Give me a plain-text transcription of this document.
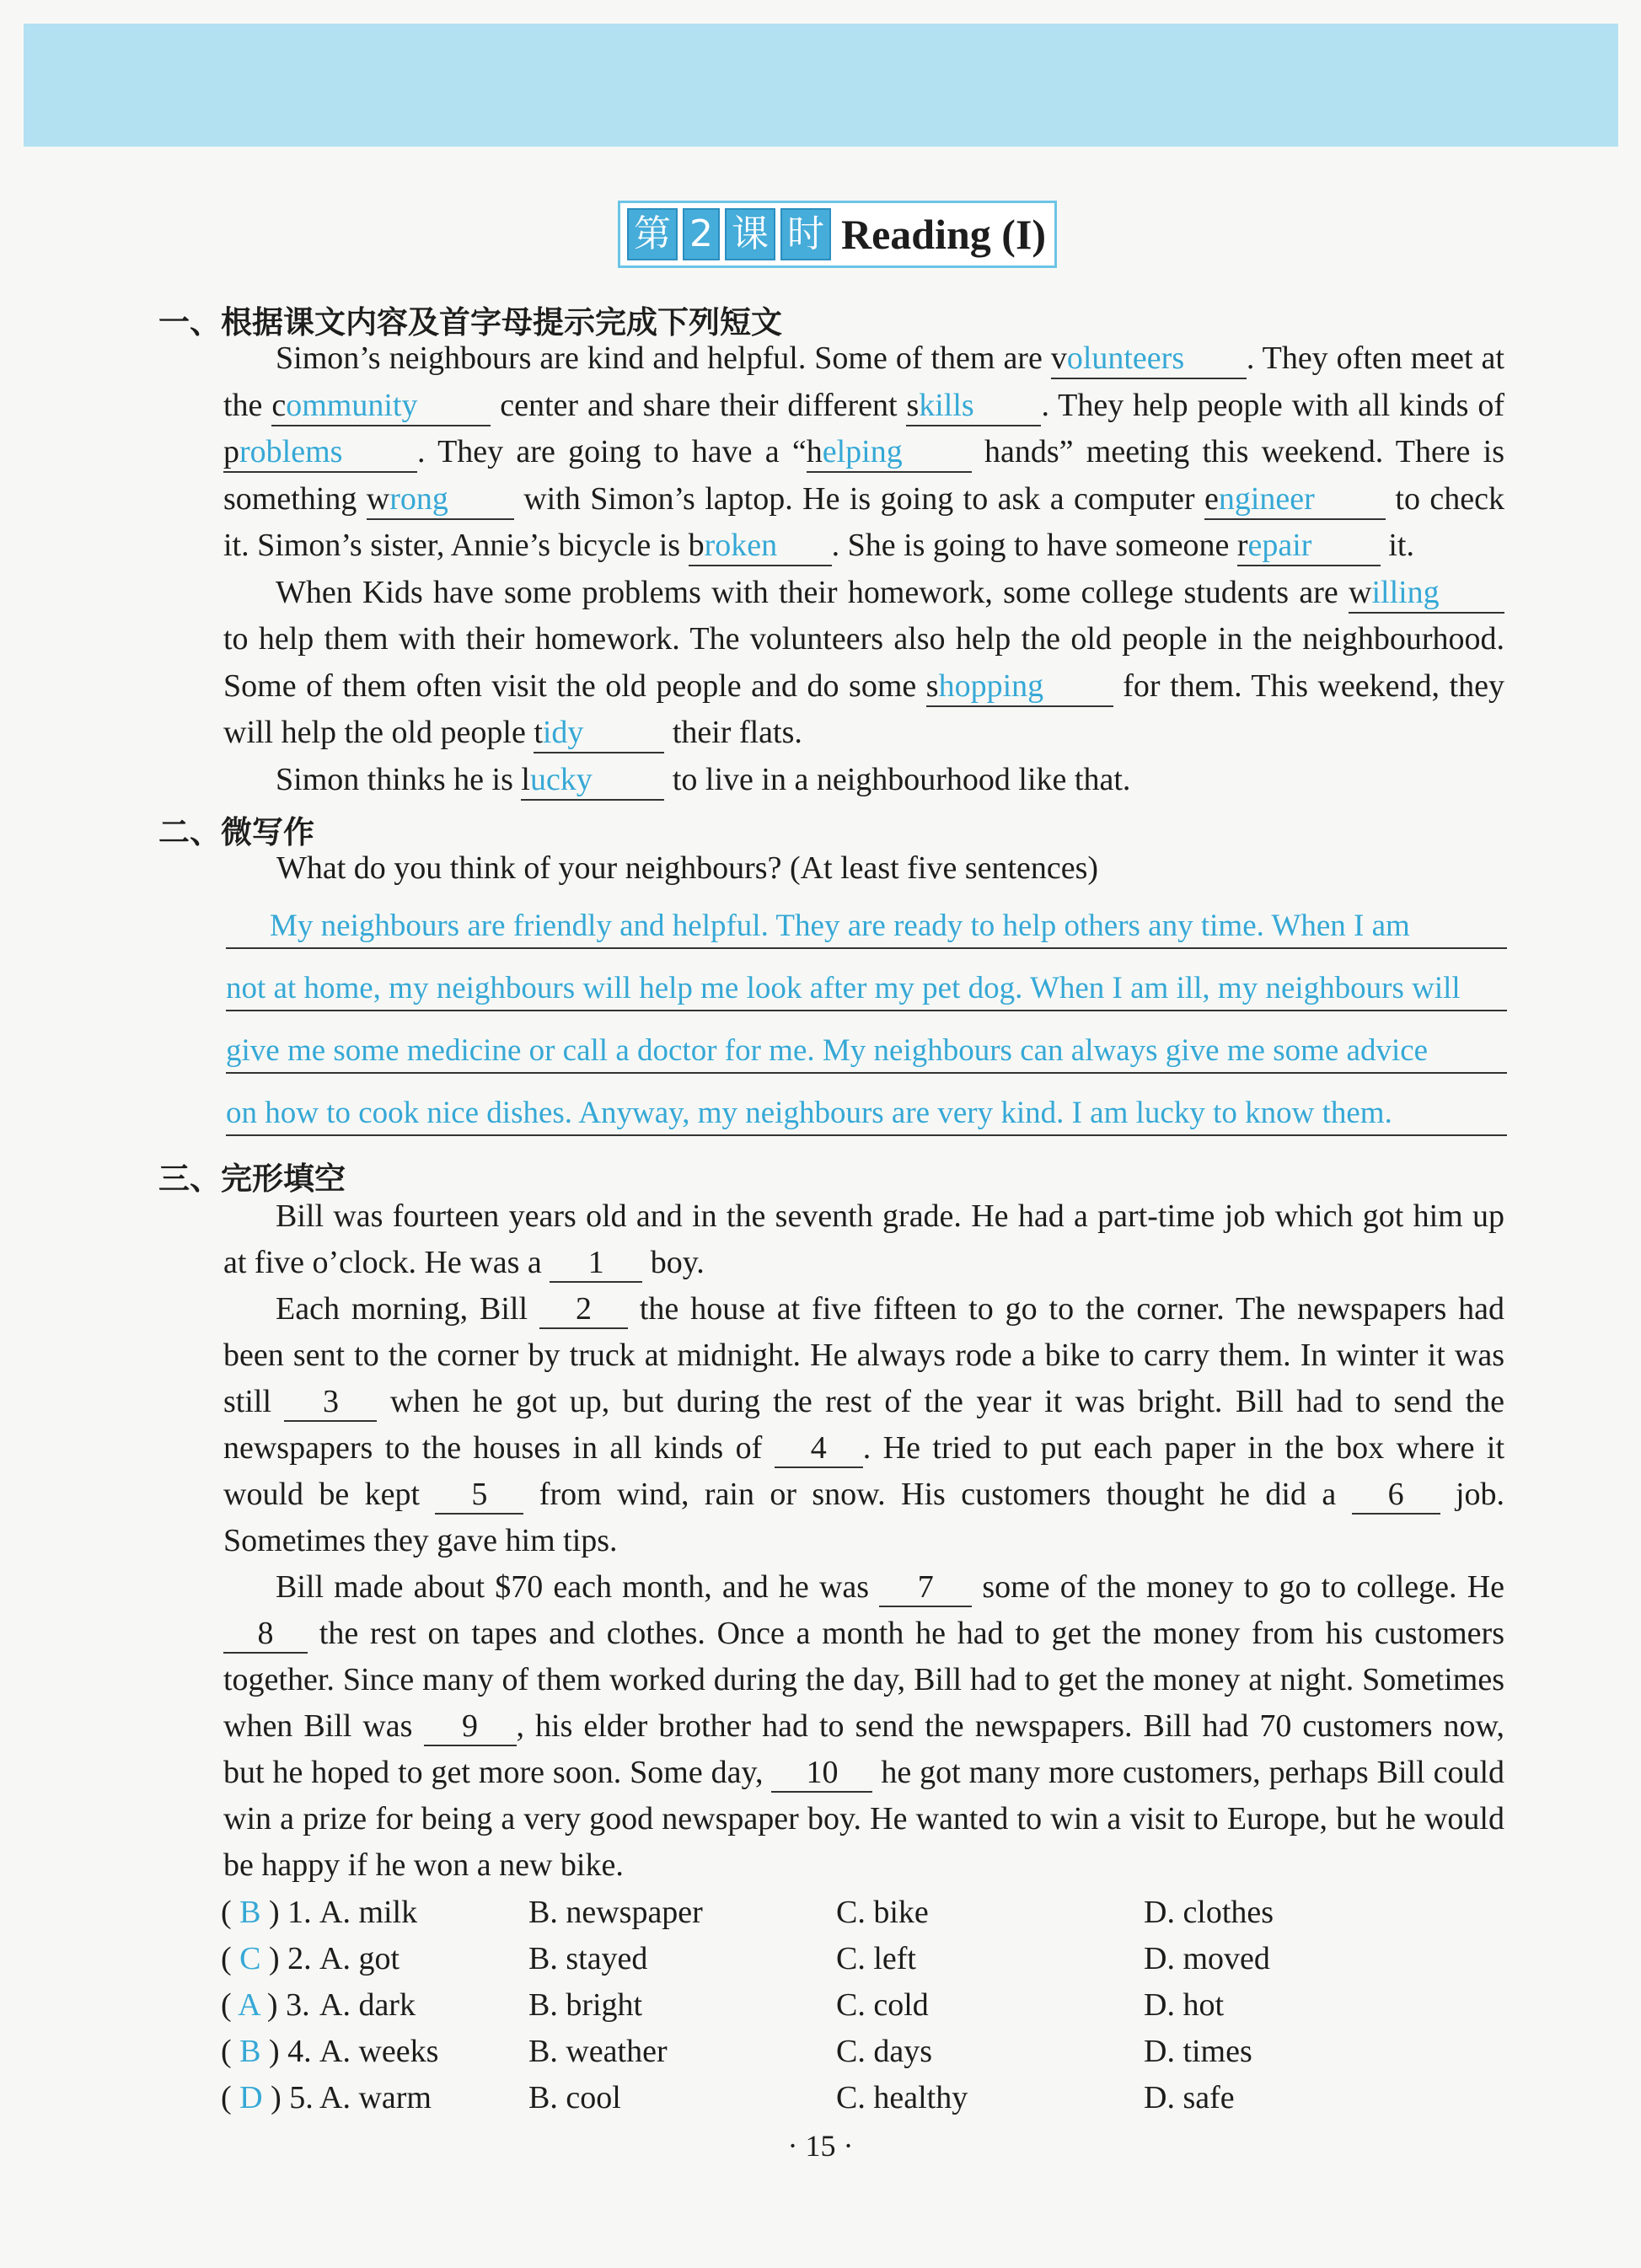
第 2 课 时 Reading (I)
一、根据课文内容及首字母提示完成下列短文

Simon’s neighbours are kind and helpful. Some of them are volunteers . They often meet at the community center and share their different skills . They help people with all kinds of problems . They are going to have a “helping hands” meeting this weekend. There is something wrong with Simon’s laptop. He is going to ask a computer engineer to check it. Simon’s sister, Annie’s bicycle is broken . She is going to have someone repair it.

When Kids have some problems with their homework, some college students are willing to help them with their homework. The volunteers also help the old people in the neighbourhood. Some of them often visit the old people and do some shopping for them. This weekend, they will help the old people tidy	their flats.

Simon thinks he is lucky to live in a neighbourhood like that.

二、微写作
What do you think of your neighbours? (At least five sentences)
My neighbours are friendly and helpful. They are ready to help others any time. When I am
not at home, my neighbours will help me look after my pet dog. When I am ill, my neighbours will
give me some medicine or call a doctor for me. My neighbours can always give me some advice
on how to cook nice dishes. Anyway, my neighbours are very kind. I am lucky to know them.
三、完形填空

Bill was fourteen years old and in the seventh grade. He had a part-time job which got him up at five o’clock. He was a 1 boy.

Each morning, Bill 2 the house at five fifteen to go to the corner. The newspapers had been sent to the corner by truck at midnight. He always rode a bike to carry them. In winter it was still 3 when he got up, but during the rest of the year it was bright. Bill had to send the newspapers to the houses in all kinds of 4 . He tried to put each paper in the box where it would be kept 5 from wind, rain or snow. His customers thought he did a 6 job. Sometimes they gave him tips.

Bill made about $70 each month, and he was 7 some of the money to go to college. He 8 the rest on tapes and clothes. Once a month he had to get the money from his customers together. Since many of them worked during the day, Bill had to get the money at night. Sometimes when Bill was 9 , his elder brother had to send the newspapers. Bill had 70 customers now, but he hoped to get more soon. Some day, 10 he got many more customers, perhaps Bill could win a prize for being a very good newspaper boy. He wanted to win a visit to Europe, but he would be happy if he won a new bike.

( B ) 1. A. milk	B. newspaper	C. bike	D. clothes
( C ) 2. A. got	B. stayed	C. left	D. moved
( A ) 3. A. dark	B. bright	C. cold	D. hot
( B ) 4. A. weeks	B. weather	C. days	D. times
( D ) 5. A. warm	B. cool	C. healthy	D. safe
· 15 ·
